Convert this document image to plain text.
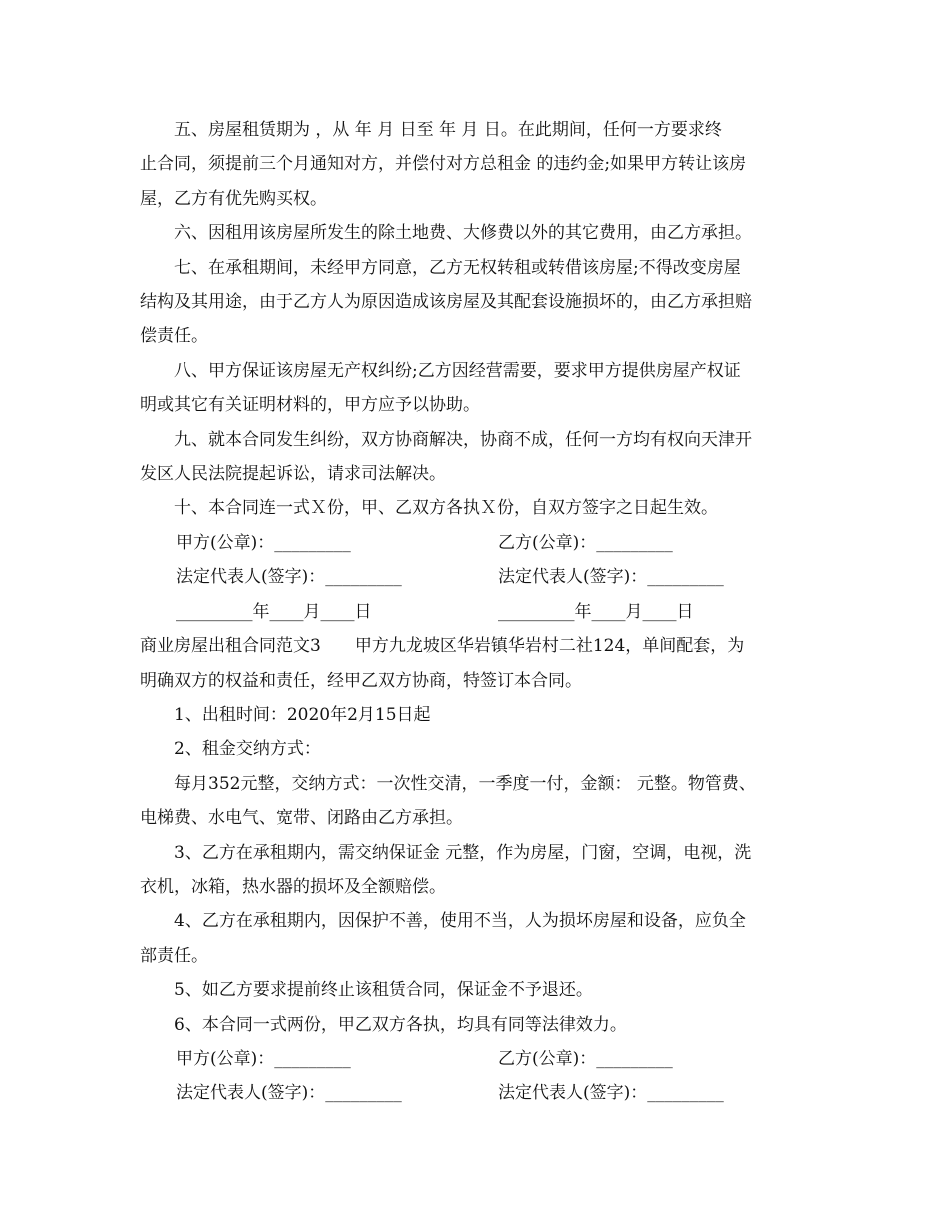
五、房屋租赁期为 ，从 年 月 日至 年 月 日。在此期间，任何一方要求终
止合同，须提前三个月通知对方，并偿付对方总租金 的违约金;如果甲方转让该房
屋，乙方有优先购买权。
六、因租用该房屋所发生的除土地费、大修费以外的其它费用，由乙方承担。
七、在承租期间，未经甲方同意，乙方无权转租或转借该房屋;不得改变房屋
结构及其用途，由于乙方人为原因造成该房屋及其配套设施损坏的，由乙方承担赔
偿责任。
八、甲方保证该房屋无产权纠纷;乙方因经营需要，要求甲方提供房屋产权证
明或其它有关证明材料的，甲方应予以协助。
九、就本合同发生纠纷，双方协商解决，协商不成，任何一方均有权向天津开
发区人民法院提起诉讼，请求司法解决。
十、本合同连一式Ｘ份，甲、乙双方各执Ｘ份，自双方签字之日起生效。
甲方(公章)：_________	乙方(公章)：_________
法定代表人(签字)：_________	法定代表人(签字)：_________
_________年____月____日	_________年____月____日
商业房屋出租合同范文3 甲方九龙坡区华岩镇华岩村二社124，单间配套，为
明确双方的权益和责任，经甲乙双方协商，特签订本合同。
1、出租时间：2020年2月15日起
2、租金交纳方式：
每月352元整，交纳方式：一次性交清，一季度一付，金额： 元整。物管费、
电梯费、水电气、宽带、闭路由乙方承担。
3、乙方在承租期内，需交纳保证金 元整，作为房屋，门窗，空调，电视，洗
衣机，冰箱，热水器的损坏及全额赔偿。
4、乙方在承租期内，因保护不善，使用不当，人为损坏房屋和设备，应负全
部责任。
5、如乙方要求提前终止该租赁合同，保证金不予退还。
6、本合同一式两份，甲乙双方各执，均具有同等法律效力。
甲方(公章)：_________	乙方(公章)：_________
法定代表人(签字)：_________	法定代表人(签字)：_________
